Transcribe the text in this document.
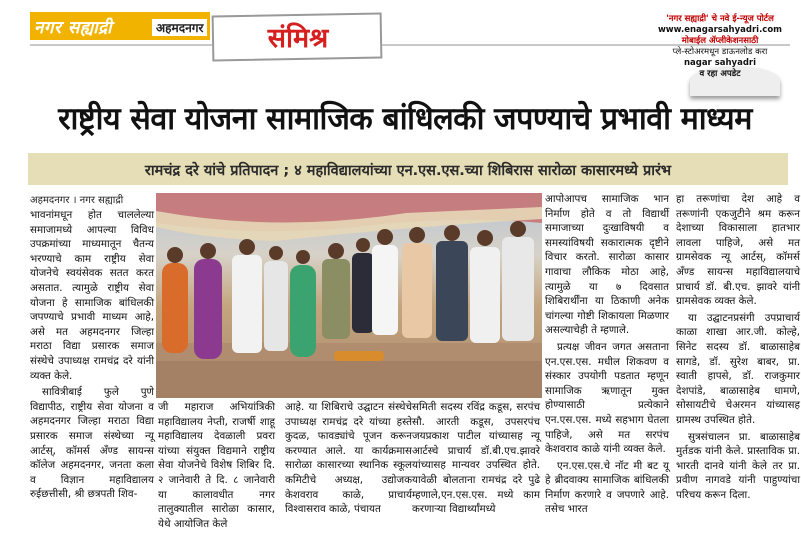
नगर सह्याद्री	अहमदनगर	संमिश्र
'नगर सह्याद्री' चे नवे ई-न्यूज पोर्टल
www.enagarsahyadri.com
मोबाईल ॲप्लीकेशनसाठी
प्ले-स्टोअरमधून डाऊनलोड करा
nagar sahyadri
व रहा अपडेट
राष्ट्रीय सेवा योजना सामाजिक बांधिलकी जपण्याचे प्रभावी माध्यम
रामचंद्र दरे यांचे प्रतिपादन ; ४ महाविद्यालयांच्या एन.एस.एस.च्या शिबिरास सारोळा कासारमध्ये प्रारंभ
अहमदनगर । नगर सह्याद्री

भावनांमधून होत चाललेल्या समाजामध्ये आपल्या विविध उपक्रमांच्या माध्यमातून चैतन्य भरण्याचे काम राष्ट्रीय सेवा योजनेचे स्वयंसेवक सतत करत असतात. त्यामुळे राष्ट्रीय सेवा योजना हे सामाजिक बांधिलकी जपण्याचे प्रभावी माध्यम आहे, असे मत अहमदनगर जिल्हा मराठा विद्या प्रसारक समाज संस्थेचे उपाध्यक्ष रामचंद्र दरे यांनी व्यक्त केले.

सावित्रीबाई फुले पुणे विद्यापीठ, राष्ट्रीय सेवा योजना व अहमदनगर जिल्हा मराठा विद्या प्रसारक समाज संस्थेच्या न्यू आर्टस्, कॉमर्स अँण्ड सायन्स कॉलेज अहमदनगर, जनता कला व विज्ञान महाविद्यालय रुईछत्तीसी, श्री छत्रपती शिव-

जी महाराज अभियांत्रिकी महाविद्यालय नेप्ती, राजर्षी शाहू महाविद्यालय देवळाली प्रवरा यांच्या संयुक्त विद्यमाने राष्ट्रीय सेवा योजनेचे विशेष शिबिर दि. २ जानेवारी ते दि. ८ जानेवारी या कालावधीत नगर तालुक्यातील सारोळा कासार, येथे आयोजित केले

आहे. या शिबिराचे उद्घाटन संस्थेचे उपाध्यक्ष रामचंद्र दरे यांच्या हस्ते कुदळ, फावड्यांचे पूजन करून करण्यात आले. या कार्यक्रमास सारोळा कासारच्या स्थानिक स्कूल कमिटीचे अध्यक्ष, उद्योजक केशवराव काळे, प्राचार्य विश्वासराव काळे, पंचायत

समिती सदस्य रविंद्र कडूस, सरपंच सौ. आरती कडूस, उपसरपंच जयप्रकाश पाटील यांच्यासह न्यू आर्टस्चे प्राचार्य डॉ.बी.एच.झावरे यांच्यासह मान्यवर उपस्थित होते. यावेळी बोलताना रामचंद्र दरे पुढे म्हणाले,एन.एस.एस. मध्ये काम करणाऱ्या विद्यार्थ्यांमध्ये

आपोआपच सामाजिक भान निर्माण होते व तो विद्यार्थी समाजाच्या दुःखाविषयी व समस्यांविषयी सकारात्मक दृष्टीने विचार करतो. सारोळा कासार गावाचा लौकिक मोठा आहे, त्यामुळे या ७ दिवसात शिबिरार्थींना या ठिकाणी अनेक चांगल्या गोष्टी शिकायला मिळणार असल्याचेही ते म्हणाले.

प्रत्यक्ष जीवन जगत असताना एन.एस.एस. मधील शिकवण व संस्कार उपयोगी पडतात म्हणून सामाजिक ऋणातून मुक्त होण्यासाठी प्रत्येकाने एन.एस.एस. मध्ये सहभाग घेतला पाहिजे, असे मत सरपंच केशवराव काळे यांनी व्यक्त केले.

एन.एस.एस.चे नॉट मी बट यू हे ब्रीदवाक्य सामाजिक बांधिलकी निर्माण करणारे व जपणारे आहे. तसेच भारत

हा तरूणांचा देश आहे व तरूणांनी एकजुटीने श्रम करून देशाच्या विकासाला हातभार लावला पाहिजे, असे मत ग्रामसेवक न्यू आर्टस्, कॉमर्स अँण्ड सायन्स महाविद्यालयाचे प्राचार्य डॉ. बी.एच. झावरे यांनी ग्रामसेवक व्यक्त केले.

या उद्घाटनप्रसंगी उपप्राचार्य काळा शाखा आर.जी. कोल्हे, सिनेट सदस्य डॉ. बाळासाहेब सागडे, डॉ. सुरेश बाबर, प्रा. स्वाती हापसे, डॉ. राजकुमार देशपांडे, बाळासाहेब धामणे, सोसायटीचे चेअरमन यांच्यासह ग्रामस्थ उपस्थित होते.

सुत्रसंचालन प्रा. बाळासाहेब मुर्तडक यांनी केले. प्रास्ताविक प्रा. भारती दानवे यांनी केले तर प्रा. प्रवीण नागवडे यांनी पाहुण्यांचा परिचय करून दिला.
